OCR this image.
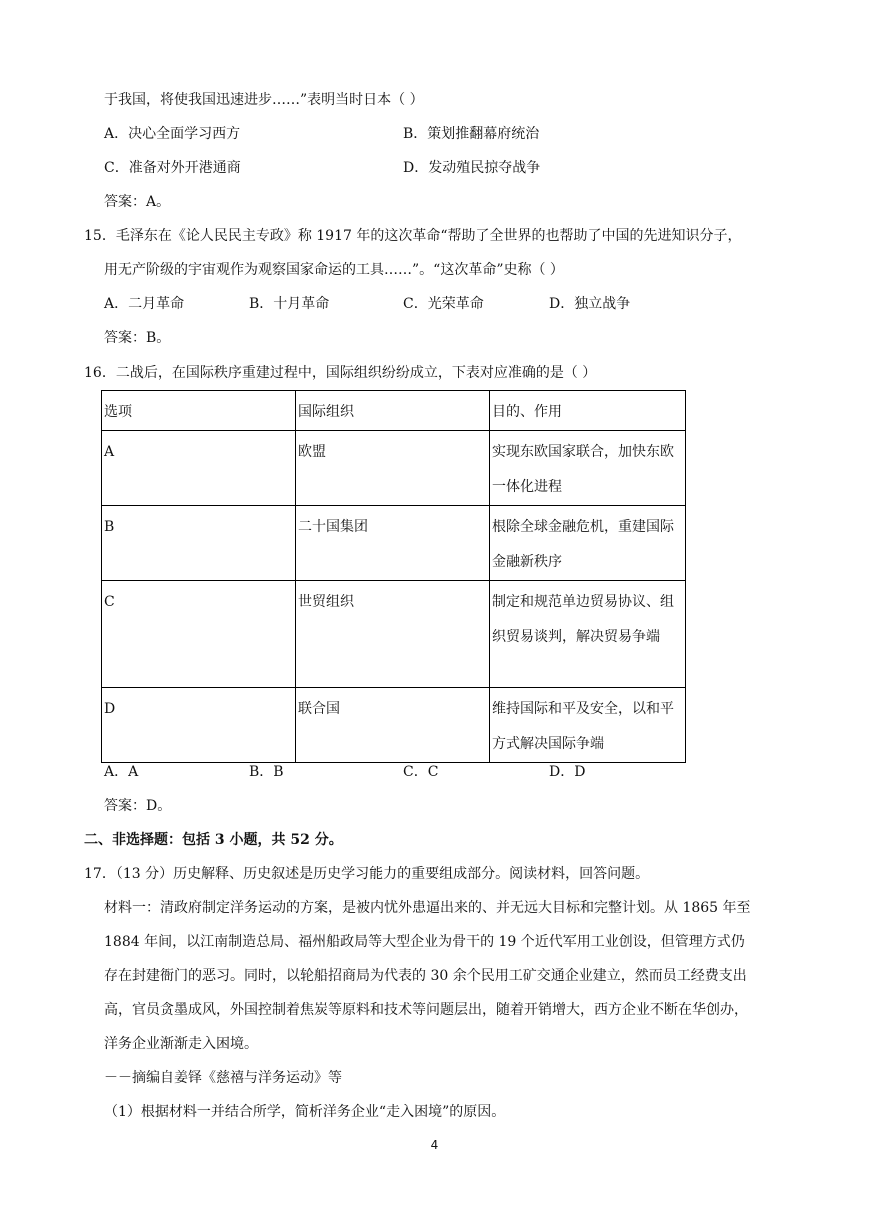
于我国，将使我国迅速进步……”表明当时日本（ ）
A．决心全面学习西方	B．策划推翻幕府统治
C．准备对外开港通商	D．发动殖民掠夺战争
答案：A。
15．毛泽东在《论人民民主专政》称 1917 年的这次革命“帮助了全世界的也帮助了中国的先进知识分子，
用无产阶级的宇宙观作为观察国家命运的工具……”。“这次革命”史称（ ）
A．二月革命	B．十月革命	C．光荣革命	D．独立战争
答案：B。
16．二战后，在国际秩序重建过程中，国际组织纷纷成立，下表对应准确的是（ ）
选项	国际组织	目的、作用
A	欧盟	实现东欧国家联合，加快东欧一体化进程
B	二十国集团	根除全球金融危机，重建国际金融新秩序
C	世贸组织	制定和规范单边贸易协议、组织贸易谈判，解决贸易争端
D	联合国	维持国际和平及安全，以和平方式解决国际争端
A．A	B．B	C．C	D．D
答案：D。
二、非选择题：包括 3 小题，共 52 分。
17．（13 分）历史解释、历史叙述是历史学习能力的重要组成部分。阅读材料，回答问题。
材料一：清政府制定洋务运动的方案，是被内忧外患逼出来的、并无远大目标和完整计划。从 1865 年至
1884 年间，以江南制造总局、福州船政局等大型企业为骨干的 19 个近代军用工业创设，但管理方式仍
存在封建衙门的恶习。同时，以轮船招商局为代表的 30 余个民用工矿交通企业建立，然而员工经费支出
高，官员贪墨成风，外国控制着焦炭等原料和技术等问题层出，随着开销增大，西方企业不断在华创办，
洋务企业渐渐走入困境。
－－摘编自姜铎《慈禧与洋务运动》等
（1）根据材料一并结合所学，简析洋务企业“走入困境”的原因。
4
